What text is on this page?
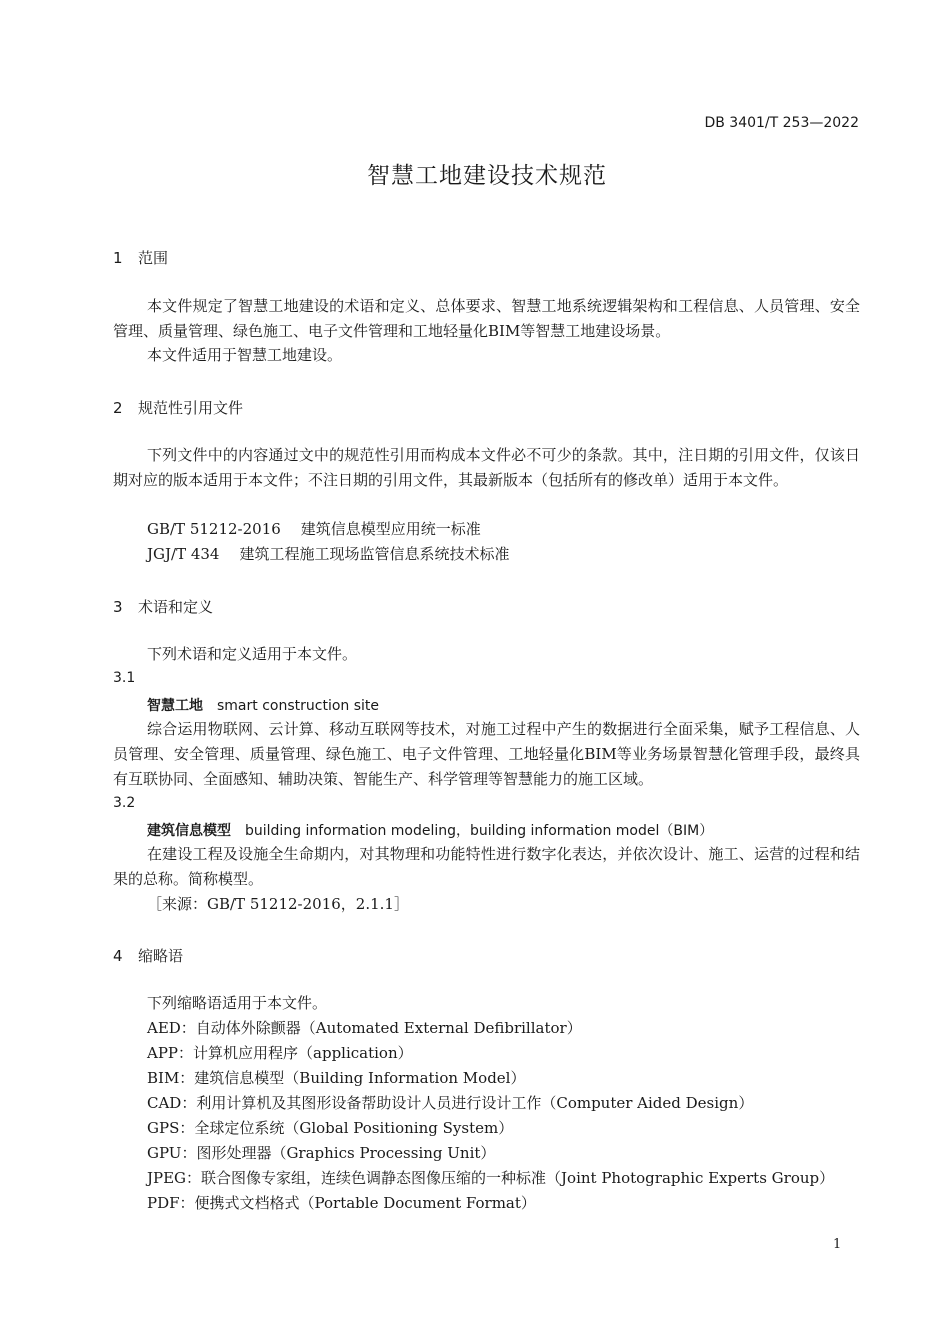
DB 3401/T 253—2022
智慧工地建设技术规范
1 范围
本文件规定了智慧工地建设的术语和定义、总体要求、智慧工地系统逻辑架构和工程信息、人员管理、安全管理、质量管理、绿色施工、电子文件管理和工地轻量化BIM等智慧工地建设场景。
本文件适用于智慧工地建设。
2 规范性引用文件
下列文件中的内容通过文中的规范性引用而构成本文件必不可少的条款。其中，注日期的引用文件，仅该日期对应的版本适用于本文件；不注日期的引用文件，其最新版本（包括所有的修改单）适用于本文件。
GB/T 51212-2016 建筑信息模型应用统一标准
JGJ/T 434 建筑工程施工现场监管信息系统技术标准
3 术语和定义
下列术语和定义适用于本文件。
3.1
智慧工地 smart construction site
综合运用物联网、云计算、移动互联网等技术，对施工过程中产生的数据进行全面采集，赋予工程信息、人员管理、安全管理、质量管理、绿色施工、电子文件管理、工地轻量化BIM等业务场景智慧化管理手段，最终具有互联协同、全面感知、辅助决策、智能生产、科学管理等智慧能力的施工区域。
3.2
建筑信息模型 building information modeling，building information model（BIM）
在建设工程及设施全生命期内，对其物理和功能特性进行数字化表达，并依次设计、施工、运营的过程和结果的总称。简称模型。
［来源：GB/T 51212-2016，2.1.1］
4 缩略语
下列缩略语适用于本文件。
AED：自动体外除颤器（Automated External Defibrillator）
APP：计算机应用程序（application）
BIM：建筑信息模型（Building Information Model）
CAD：利用计算机及其图形设备帮助设计人员进行设计工作（Computer Aided Design）
GPS：全球定位系统（Global Positioning System）
GPU：图形处理器（Graphics Processing Unit）
JPEG：联合图像专家组，连续色调静态图像压缩的一种标准（Joint Photographic Experts Group）
PDF：便携式文档格式（Portable Document Format）
1
